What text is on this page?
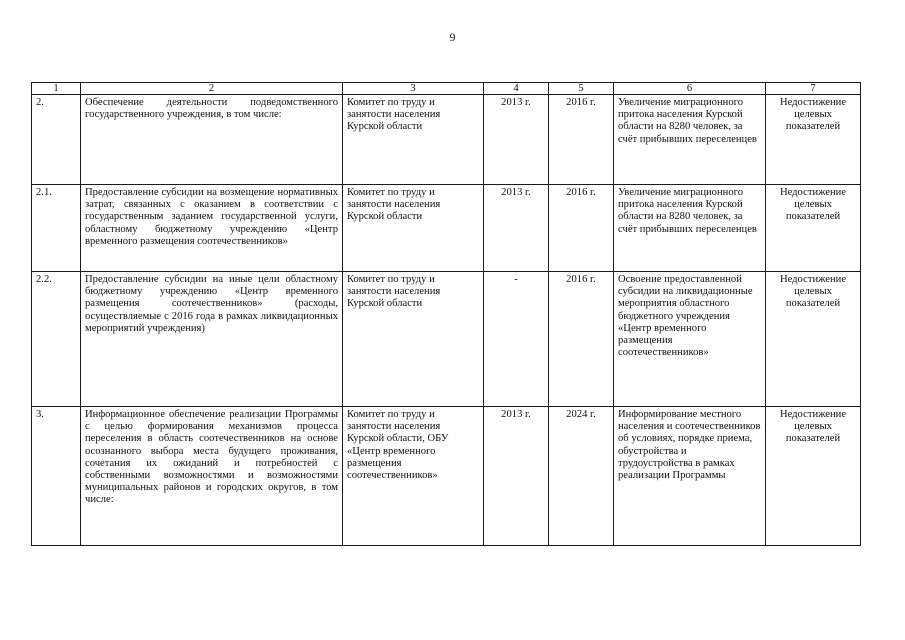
9
1	2	3	4	5	6	7
2.	Обеспечение деятельности подведомственного государственного учреждения, в том числе:	Комитет по труду и занятости населения Курской области	2013 г.	2016 г.	Увеличение миграционного притока населения Курской области на 8280 человек, за счёт прибывших переселенцев	Недостижение целевых показателей
2.1.	Предоставление субсидии на возмещение нормативных затрат, связанных с оказанием в соответствии с государственным заданием государственной услуги, областному бюджетному учреждению «Центр временного размещения соотечественников»	Комитет по труду и занятости населения Курской области	2013 г.	2016 г.	Увеличение миграционного притока населения Курской области на 8280 человек, за счёт прибывших переселенцев	Недостижение целевых показателей
2.2.	Предоставление субсидии на иные цели областному бюджетному учреждению «Центр временного размещения соотечественников» (расходы, осуществляемые с 2016 года в рамках ликвидационных мероприятий учреждения)	Комитет по труду и занятости населения Курской области	-	2016 г.	Освоение предоставленной субсидии на ликвидационные мероприятия областного бюджетного учреждения «Центр временного размещения соотечественников»	Недостижение целевых показателей
3.	Информационное обеспечение реализации Программы с целью формирования механизмов процесса переселения в область соотечественников на основе осознанного выбора места будущего проживания, сочетания их ожиданий и потребностей с собственными возможностями и возможностями муниципальных районов и городских округов, в том числе:	Комитет по труду и занятости населения Курской области, ОБУ «Центр временного размещения соотечественников»	2013 г.	2024 г.	Информирование местного населения и соотечественников об условиях, порядке приема, обустройства и трудоустройства в рамках реализации Программы	Недостижение целевых показателей
